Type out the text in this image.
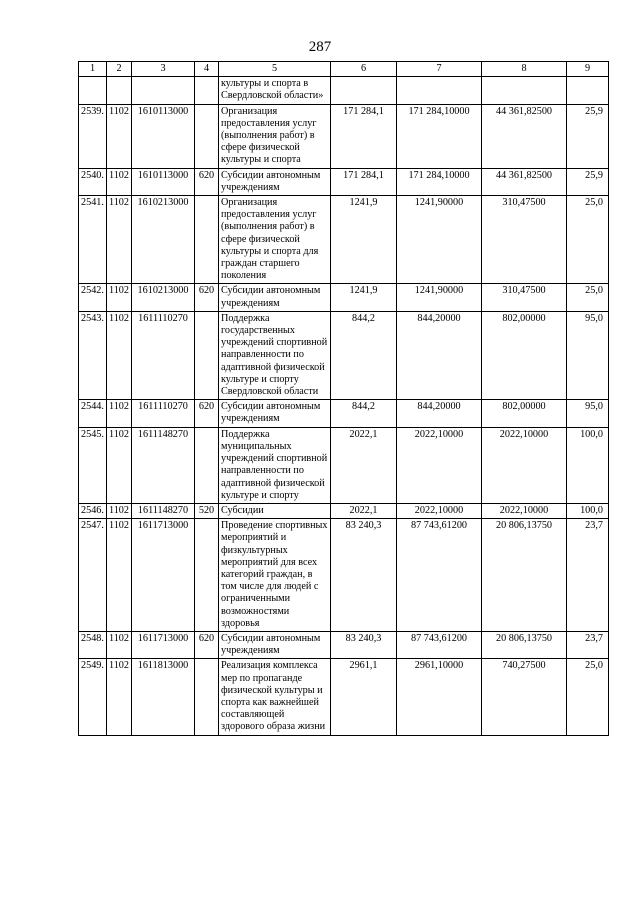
287
1	2	3	4	5	6	7	8	9
				культуры и спорта в Свердловской области»				
2539.	1102	1610113000		Организация предоставления услуг (выполнения работ) в сфере физической культуры и спорта	171 284,1	171 284,10000	44 361,82500	25,9
2540.	1102	1610113000	620	Субсидии автономным учреждениям	171 284,1	171 284,10000	44 361,82500	25,9
2541.	1102	1610213000		Организация предоставления услуг (выполнения работ) в сфере физической культуры и спорта для граждан старшего поколения	1241,9	1241,90000	310,47500	25,0
2542.	1102	1610213000	620	Субсидии автономным учреждениям	1241,9	1241,90000	310,47500	25,0
2543.	1102	1611110270		Поддержка государственных учреждений спортивной направленности по адаптивной физической культуре и спорту Свердловской области	844,2	844,20000	802,00000	95,0
2544.	1102	1611110270	620	Субсидии автономным учреждениям	844,2	844,20000	802,00000	95,0
2545.	1102	1611148270		Поддержка муниципальных учреждений спортивной направленности по адаптивной физической культуре и спорту	2022,1	2022,10000	2022,10000	100,0
2546.	1102	1611148270	520	Субсидии	2022,1	2022,10000	2022,10000	100,0
2547.	1102	1611713000		Проведение спортивных мероприятий и физкультурных мероприятий для всех категорий граждан, в том числе для людей с ограниченными возможностями здоровья	83 240,3	87 743,61200	20 806,13750	23,7
2548.	1102	1611713000	620	Субсидии автономным учреждениям	83 240,3	87 743,61200	20 806,13750	23,7
2549.	1102	1611813000		Реализация комплекса мер по пропаганде физической культуры и спорта как важнейшей составляющей здорового образа жизни	2961,1	2961,10000	740,27500	25,0
